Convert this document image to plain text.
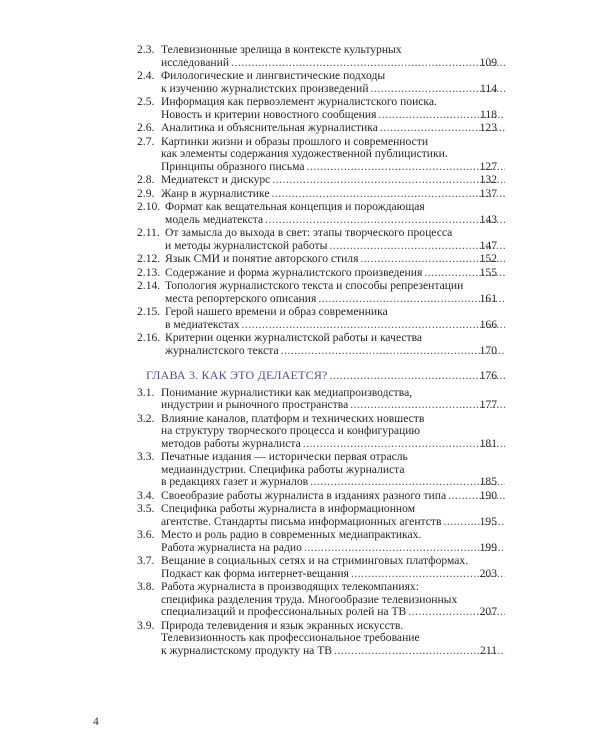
2.3. Телевизионные зрелища в контексте культурных
исследований .....	109
2.4. Филологические и лингвистические подходы
к изучению журналистских произведений .....	114
2.5. Информация как первоэлемент журналистского поиска.
Новость и критерии новостного сообщения .....	118
2.6. Аналитика и объяснительная журналистика .....	123
2.7. Картинки жизни и образы прошлого и современности
как элементы содержания художественной публицистики.
Принципы образного письма .....	127
2.8. Медиатекст и дискурс .....	132
2.9. Жанр в журналистике .....	137
2.10. Формат как вещательная концепция и порождающая
модель медиатекста .....	143
2.11. От замысла до выхода в свет: этапы творческого процесса
и методы журналистской работы .....	147
2.12. Язык СМИ и понятие авторского стиля .....	152
2.13. Содержание и форма журналистского произведения .....	155
2.14. Топология журналистского текста и способы репрезентации
места репортерского описания .....	161
2.15. Герой нашего времени и образ современника
в медиатекстах .....	166
2.16. Критерии оценки журналистской работы и качества
журналистского текста .....	170
ГЛАВА 3. КАК ЭТО ДЕЛАЕТСЯ? .....	176
3.1. Понимание журналистики как медиапроизводства,
индустрии и рыночного пространства .....	177
3.2. Влияние каналов, платформ и технических новшеств
на структуру творческого процесса и конфигурацию
методов работы журналиста .....	181
3.3. Печатные издания — исторически первая отрасль
медиаиндустрии. Специфика работы журналиста
в редакциях газет и журналов .....	185
3.4. Своеобразие работы журналиста в изданиях разного типа .....	190
3.5. Специфика работы журналиста в информационном
агентстве. Стандарты письма информационных агентств .....	195
3.6. Место и роль радио в современных медиапрактиках.
Работа журналиста на радио .....	199
3.7. Вещание в социальных сетях и на стриминговых платформах.
Подкаст как форма интернет-вещания .....	203
3.8. Работа журналиста в производящих телекомпаниях:
специфика разделения труда. Многообразие телевизионных
специализаций и профессиональных ролей на ТВ .....	207
3.9. Природа телевидения и язык экранных искусств.
Телевизионность как профессиональное требование
к журналистскому продукту на ТВ .....	211
4
